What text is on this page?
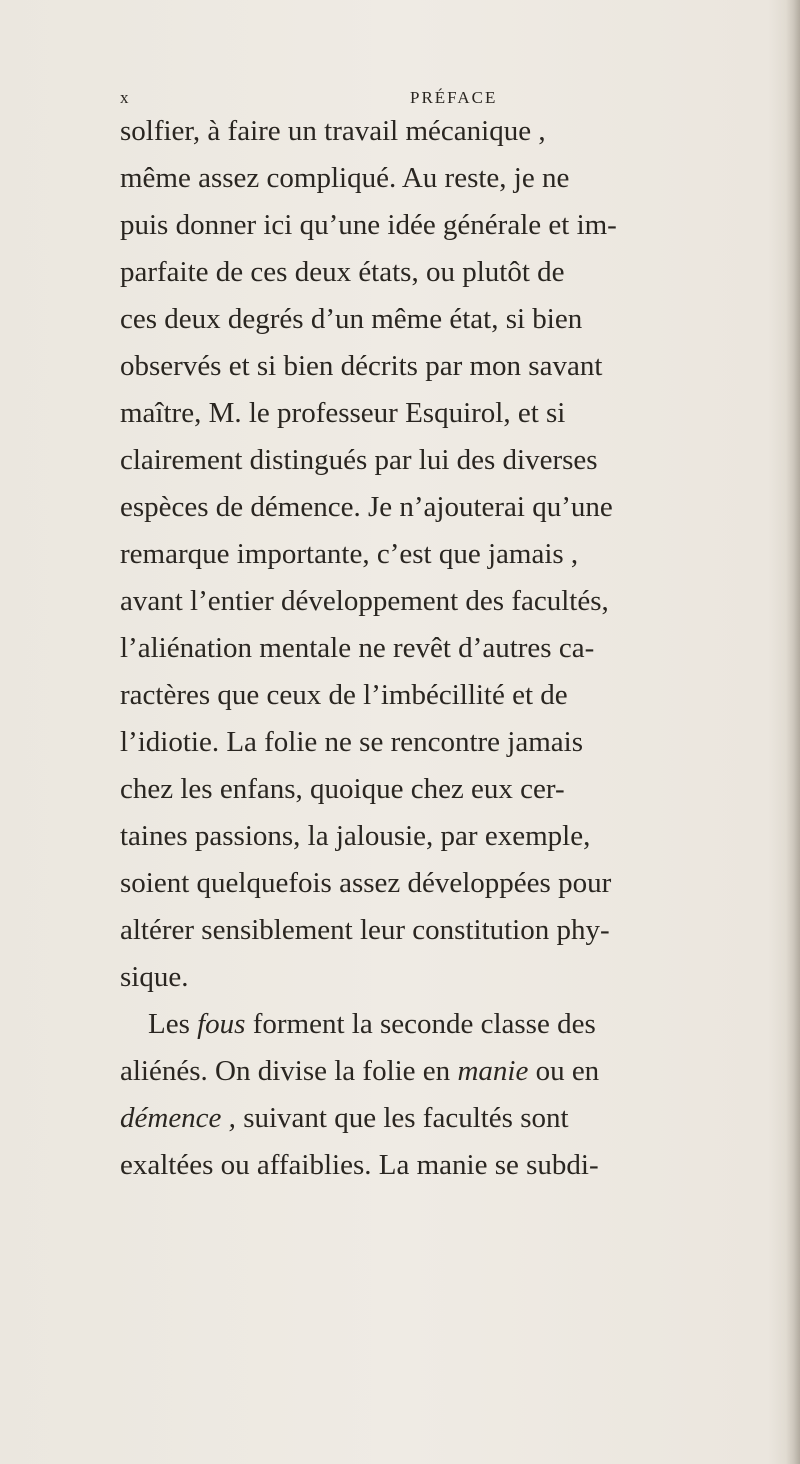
x	PRÉFACE
solfier, à faire un travail mécanique ,
même assez compliqué. Au reste, je ne
puis donner ici qu’une idée générale et im-
parfaite de ces deux états, ou plutôt de
ces deux degrés d’un même état, si bien
observés et si bien décrits par mon savant
maître, M. le professeur Esquirol, et si
clairement distingués par lui des diverses
espèces de démence. Je n’ajouterai qu’une
remarque importante, c’est que jamais ,
avant l’entier développement des facultés,
l’aliénation mentale ne revêt d’autres ca-
ractères que ceux de l’imbécillité et de
l’idiotie. La folie ne se rencontre jamais
chez les enfans, quoique chez eux cer-
taines passions, la jalousie, par exemple,
soient quelquefois assez développées pour
altérer sensiblement leur constitution phy-
sique.
Les fous forment la seconde classe des
aliénés. On divise la folie en manie ou en
démence , suivant que les facultés sont
exaltées ou affaiblies. La manie se subdi-
